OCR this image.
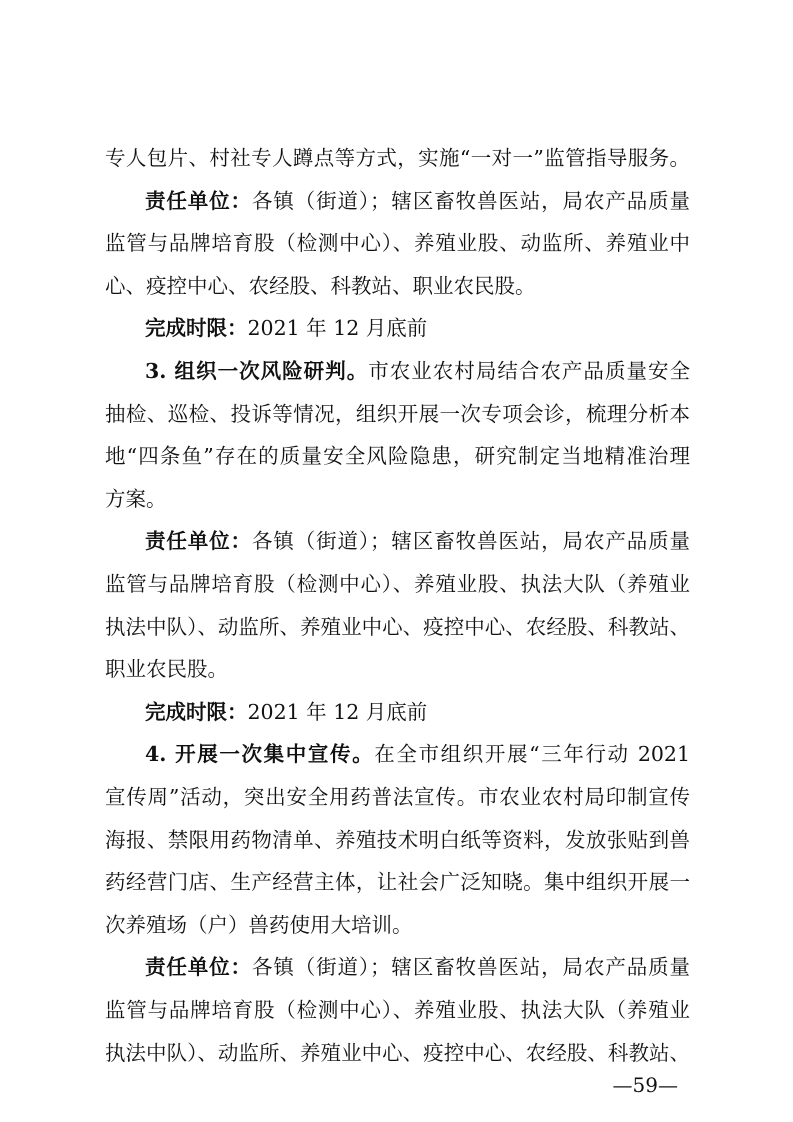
专人包片、村社专人蹲点等方式，实施“一对一”监管指导服务。
责任单位：各镇（街道）；辖区畜牧兽医站，局农产品质量
监管与品牌培育股（检测中心）、养殖业股、动监所、养殖业中
心、疫控中心、农经股、科教站、职业农民股。
完成时限：2021 年 12 月底前
3. 组织一次风险研判。市农业农村局结合农产品质量安全
抽检、巡检、投诉等情况，组织开展一次专项会诊，梳理分析本
地“四条鱼”存在的质量安全风险隐患，研究制定当地精准治理
方案。
责任单位：各镇（街道）；辖区畜牧兽医站，局农产品质量
监管与品牌培育股（检测中心）、养殖业股、执法大队（养殖业
执法中队）、动监所、养殖业中心、疫控中心、农经股、科教站、
职业农民股。
完成时限：2021 年 12 月底前
4. 开展一次集中宣传。在全市组织开展“三年行动 2021
宣传周”活动，突出安全用药普法宣传。市农业农村局印制宣传
海报、禁限用药物清单、养殖技术明白纸等资料，发放张贴到兽
药经营门店、生产经营主体，让社会广泛知晓。集中组织开展一
次养殖场（户）兽药使用大培训。
责任单位：各镇（街道）；辖区畜牧兽医站，局农产品质量
监管与品牌培育股（检测中心）、养殖业股、执法大队（养殖业
执法中队）、动监所、养殖业中心、疫控中心、农经股、科教站、
—59—
